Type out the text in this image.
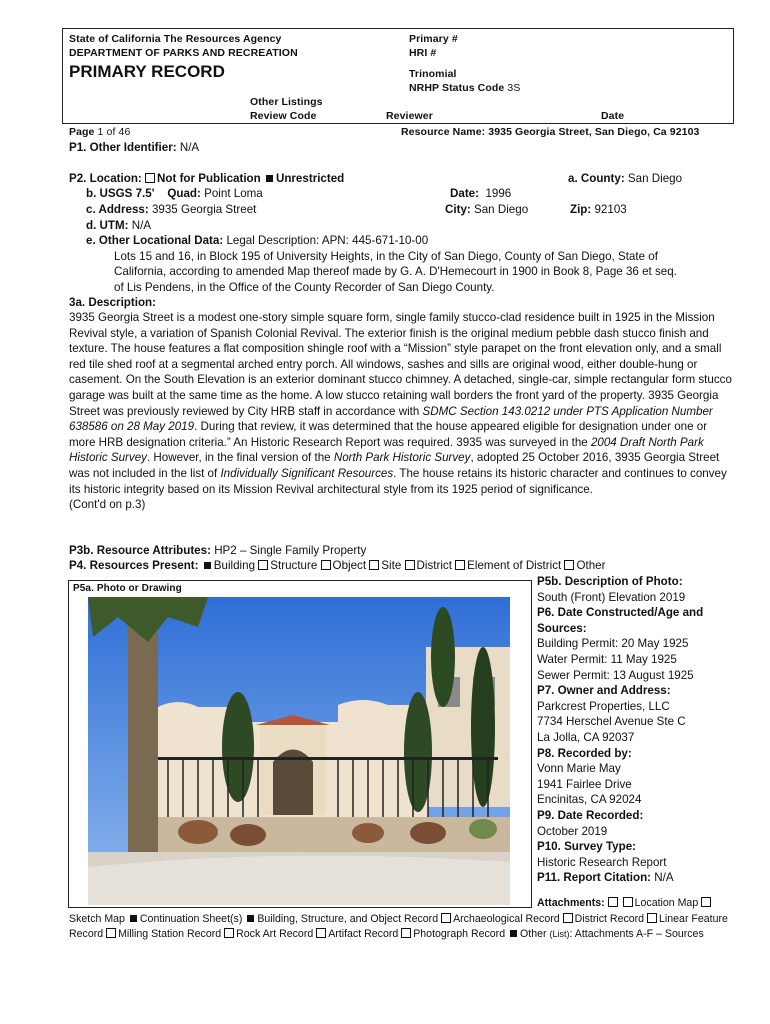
State of California The Resources Agency
DEPARTMENT OF PARKS AND RECREATION
PRIMARY RECORD
Primary #
HRI #
Trinomial
NRHP Status Code 3S
Other Listings
Review Code	Reviewer	Date
Page 1 of 46	Resource Name: 3935 Georgia Street, San Diego, Ca 92103
P1. Other Identifier: N/A
P2. Location: Not for Publication Unrestricted	a. County: San Diego
b. USGS 7.5' Quad: Point Loma	Date: 1996
c. Address: 3935 Georgia Street	City: San Diego	Zip: 92103
d. UTM: N/A
e. Other Locational Data: Legal Description: APN: 445-671-10-00
Lots 15 and 16, in Block 195 of University Heights, in the City of San Diego, County of San Diego, State of
California, according to amended Map thereof made by G. A. D'Hemecourt in 1900 in Book 8, Page 36 et seq.
of Lis Pendens, in the Office of the County Recorder of San Diego County.
3a. Description:
3935 Georgia Street is a modest one-story simple square form, single family stucco-clad residence built in 1925 in the Mission Revival style, a variation of Spanish Colonial Revival. The exterior finish is the original medium pebble dash stucco finish and texture. The house features a flat composition shingle roof with a “Mission” style parapet on the front elevation only, and a small red tile shed roof at a segmental arched entry porch. All windows, sashes and sills are original wood, either double-hung or casement. On the South Elevation is an exterior dominant stucco chimney. A detached, single-car, simple rectangular form stucco garage was built at the same time as the home. A low stucco retaining wall borders the front yard of the property. 3935 Georgia Street was previously reviewed by City HRB staff in accordance with SDMC Section 143.0212 under PTS Application Number 638586 on 28 May 2019. During that review, it was determined that the house appeared eligible for designation under one or more HRB designation criteria.” An Historic Research Report was required. 3935 was surveyed in the 2004 Draft North Park Historic Survey. However, in the final version of the North Park Historic Survey, adopted 25 October 2016, 3935 Georgia Street was not included in the list of Individually Significant Resources. The house retains its historic character and continues to convey its historic integrity based on its Mission Revival architectural style from its 1925 period of significance.
(Cont'd on p.3)
P3b. Resource Attributes: HP2 – Single Family Property
P4. Resources Present: Building Structure Object Site District Element of District Other
P5a. Photo or Drawing
P5b. Description of Photo:
South (Front) Elevation 2019
P6. Date Constructed/Age and
Sources:
Building Permit: 20 May 1925
Water Permit: 11 May 1925
Sewer Permit: 13 August 1925
P7. Owner and Address:
Parkcrest Properties, LLC
7734 Herschel Avenue Ste C
La Jolla, CA 92037
P8. Recorded by:
Vonn Marie May
1941 Fairlee Drive
Encinitas, CA 92024
P9. Date Recorded:
October 2019
P10. Survey Type:
Historic Research Report
P11. Report Citation: N/A
Attachments:	Location Map
Sketch Map Continuation Sheet(s) Building, Structure, and Object Record Archaeological Record District Record Linear Feature Record Milling Station Record Rock Art Record Artifact Record Photograph Record Other (List): Attachments A-F – Sources
